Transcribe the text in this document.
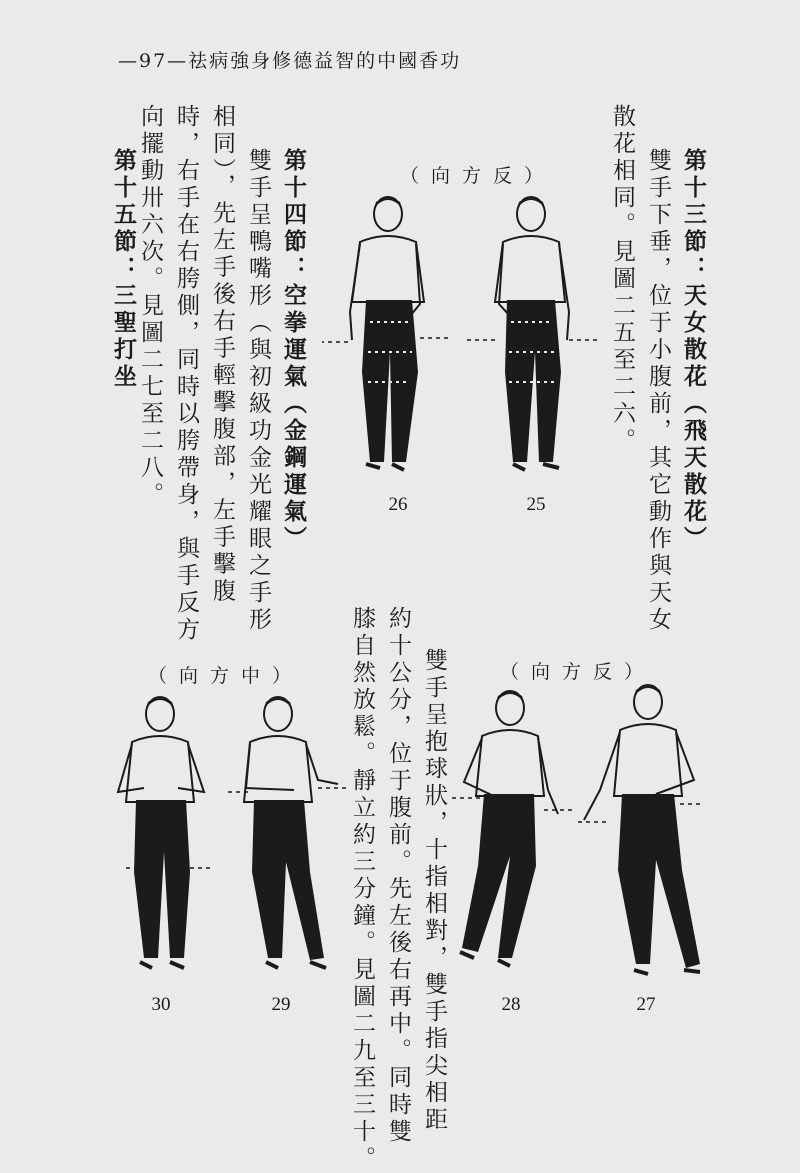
—97—祛病強身修德益智的中國香功
第十三節：天女散花（飛天散花）
雙手下垂，位于小腹前，其它動作與天女
散花相同。見圖二五至二六。
第十四節：空拳運氣（金鋼運氣）
雙手呈鴨嘴形（與初級功金光耀眼之手形
相同），先左手後右手輕擊腹部，左手擊腹
時，右手在右胯側，同時以胯帶身，與手反方
向擺動卅六次。見圖二七至二八。
第十五節：三聖打坐
雙手呈抱球狀，十指相對，雙手指尖相距
約十公分，位于腹前。先左後右再中。同時雙
膝自然放鬆。靜立約三分鐘。見圖二九至三十。
（向方反）
（向方中）	（向方反）
26	25
30	29	28	27
